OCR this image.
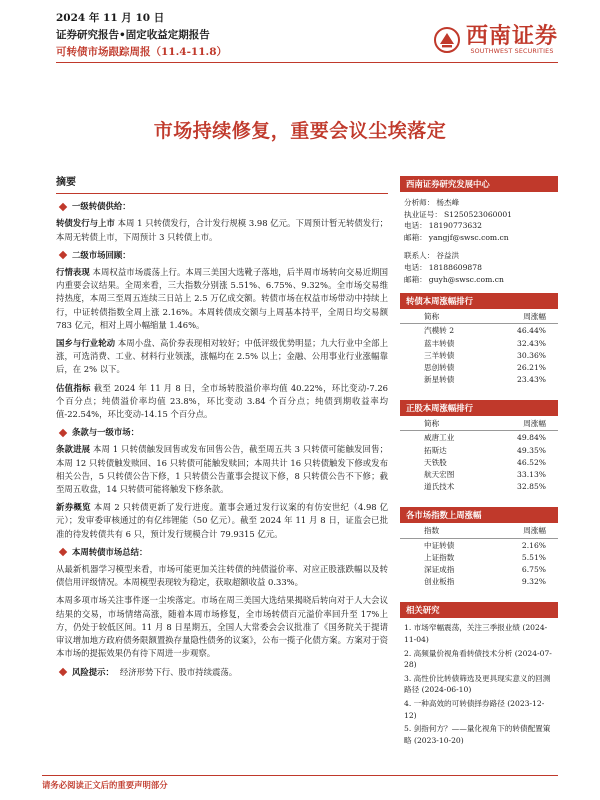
2024 年 11 月 10 日
证券研究报告•固定收益定期报告
可转债市场跟踪周报（11.4-11.8）
西南证券
SOUTHWEST SECURITIES
市场持续修复，重要会议尘埃落定
摘要
一级转债供给：

转债发行与上市 本周 1 只转债发行，合计发行规模 3.98 亿元。下周预计暂无转债发行；本周无转债上市，下周预计 3 只转债上市。

二级市场回顾：

行情表现 本周权益市场震荡上行。本周三美国大选靴子落地，后半周市场转向交易近期国内重要会议结果。全周来看，三大指数分别涨 5.51%、6.75%、9.32%。全市场交易维持热度，本周三至周五连续三日站上 2.5 万亿成交额。转债市场在权益市场带动中持续上行，中证转债指数全周上涨 2.16%。本周转债成交额与上周基本持平，全周日均交易额 783 亿元，相对上周小幅缩量 1.46%。

国乡与行业轮动 本周小盘、高价券表现相对较好；中低评级优势明显；九大行业中全部上涨，可选消费、工业、材料行业领涨，涨幅均在 2.5% 以上；金融、公用事业行业涨幅靠后，在 2% 以下。

估值指标 截至 2024 年 11 月 8 日，全市场转股溢价率均值 40.22%，环比变动-7.26 个百分点；纯债溢价率均值 23.8%，环比变动 3.84 个百分点；纯债到期收益率均值-22.54%，环比变动-14.15 个百分点。

条款与一级市场：

条款进展 本周 1 只转债触发回售或发布回售公告，截至周五共 3 只转债可能触发回售；本周 12 只转债触发赎回、16 只转债可能触发赎回；本周共计 16 只转债触发下修或发布相关公告，5 只转债公告下修，1 只转债公告董事会提议下修，8 只转债公告不下修；截至周五收盘，14 只转债可能将触发下修条款。

新券概览 本周 2 只转债更新了发行进度。董事会通过发行议案的有仿安世纪（4.98 亿元）；发审委审核通过的有亿纬锂能（50 亿元）。截至 2024 年 11 月 8 日，证监会已批准的待发转债共有 6 只，预计发行规模合计 79.9315 亿元。

本周转债市场总结：

从最新机器学习模型来看，市场可能更加关注转债的纯债溢价率、对应正股涨跌幅以及转债信用评级情况。本周模型表现较为稳定，获取超额收益 0.33%。

本周多项市场关注事件逐一尘埃落定。市场在周三美国大选结果揭晓后转向对于人大会议结果的交易，市场情绪高涨，随着本周市场修复，全市场转债百元溢价率回升至 17%上方，仍处于较低区间。11 月 8 日星期五，全国人大常委会会议批准了《国务院关于提请审议增加地方政府债务限额置换存量隐性债务的议案》，公布一揽子化债方案。方案对于资本市场的提振效果仍有待下周进一步观察。

风险提示： 经济形势下行、股市持续震荡。
西南证券研究发展中心
分析师： 杨杰峰
执业证号： S1250523060001
电话： 18190773632
邮箱： yangjf@swsc.com.cn
联系人： 谷益洪
电话： 18188609878
邮箱： guyh@swsc.com.cn
转债本周涨幅排行
简称	周涨幅
汽模转 2	46.44%
蓝丰转债	32.43%
三羊转债	30.36%
思创转债	26.21%
新星转债	23.43%
正股本周涨幅排行
简称	周涨幅
威唐工业	49.84%
拓斯达	49.35%
天铁股	46.52%
航天宏图	33.13%
道氏技术	32.85%
各市场指数上周涨幅
指数	周涨幅
中证转债	2.16%
上证指数	5.51%
深证成指	6.75%
创业板指	9.32%
相关研究
1. 市场窄幅震荡，关注三季报业绩 (2024-11-04)
2. 高频量价视角看转债技术分析 (2024-07-28)
3. 高性价比转债筛选及更具现实意义的回测路径 (2024-06-10)
4. 一种高效的可转债择券路径 (2023-12-12)
5. 剑指何方？——量化视角下的转债配置策略 (2023-10-20)
请务必阅读正文后的重要声明部分
